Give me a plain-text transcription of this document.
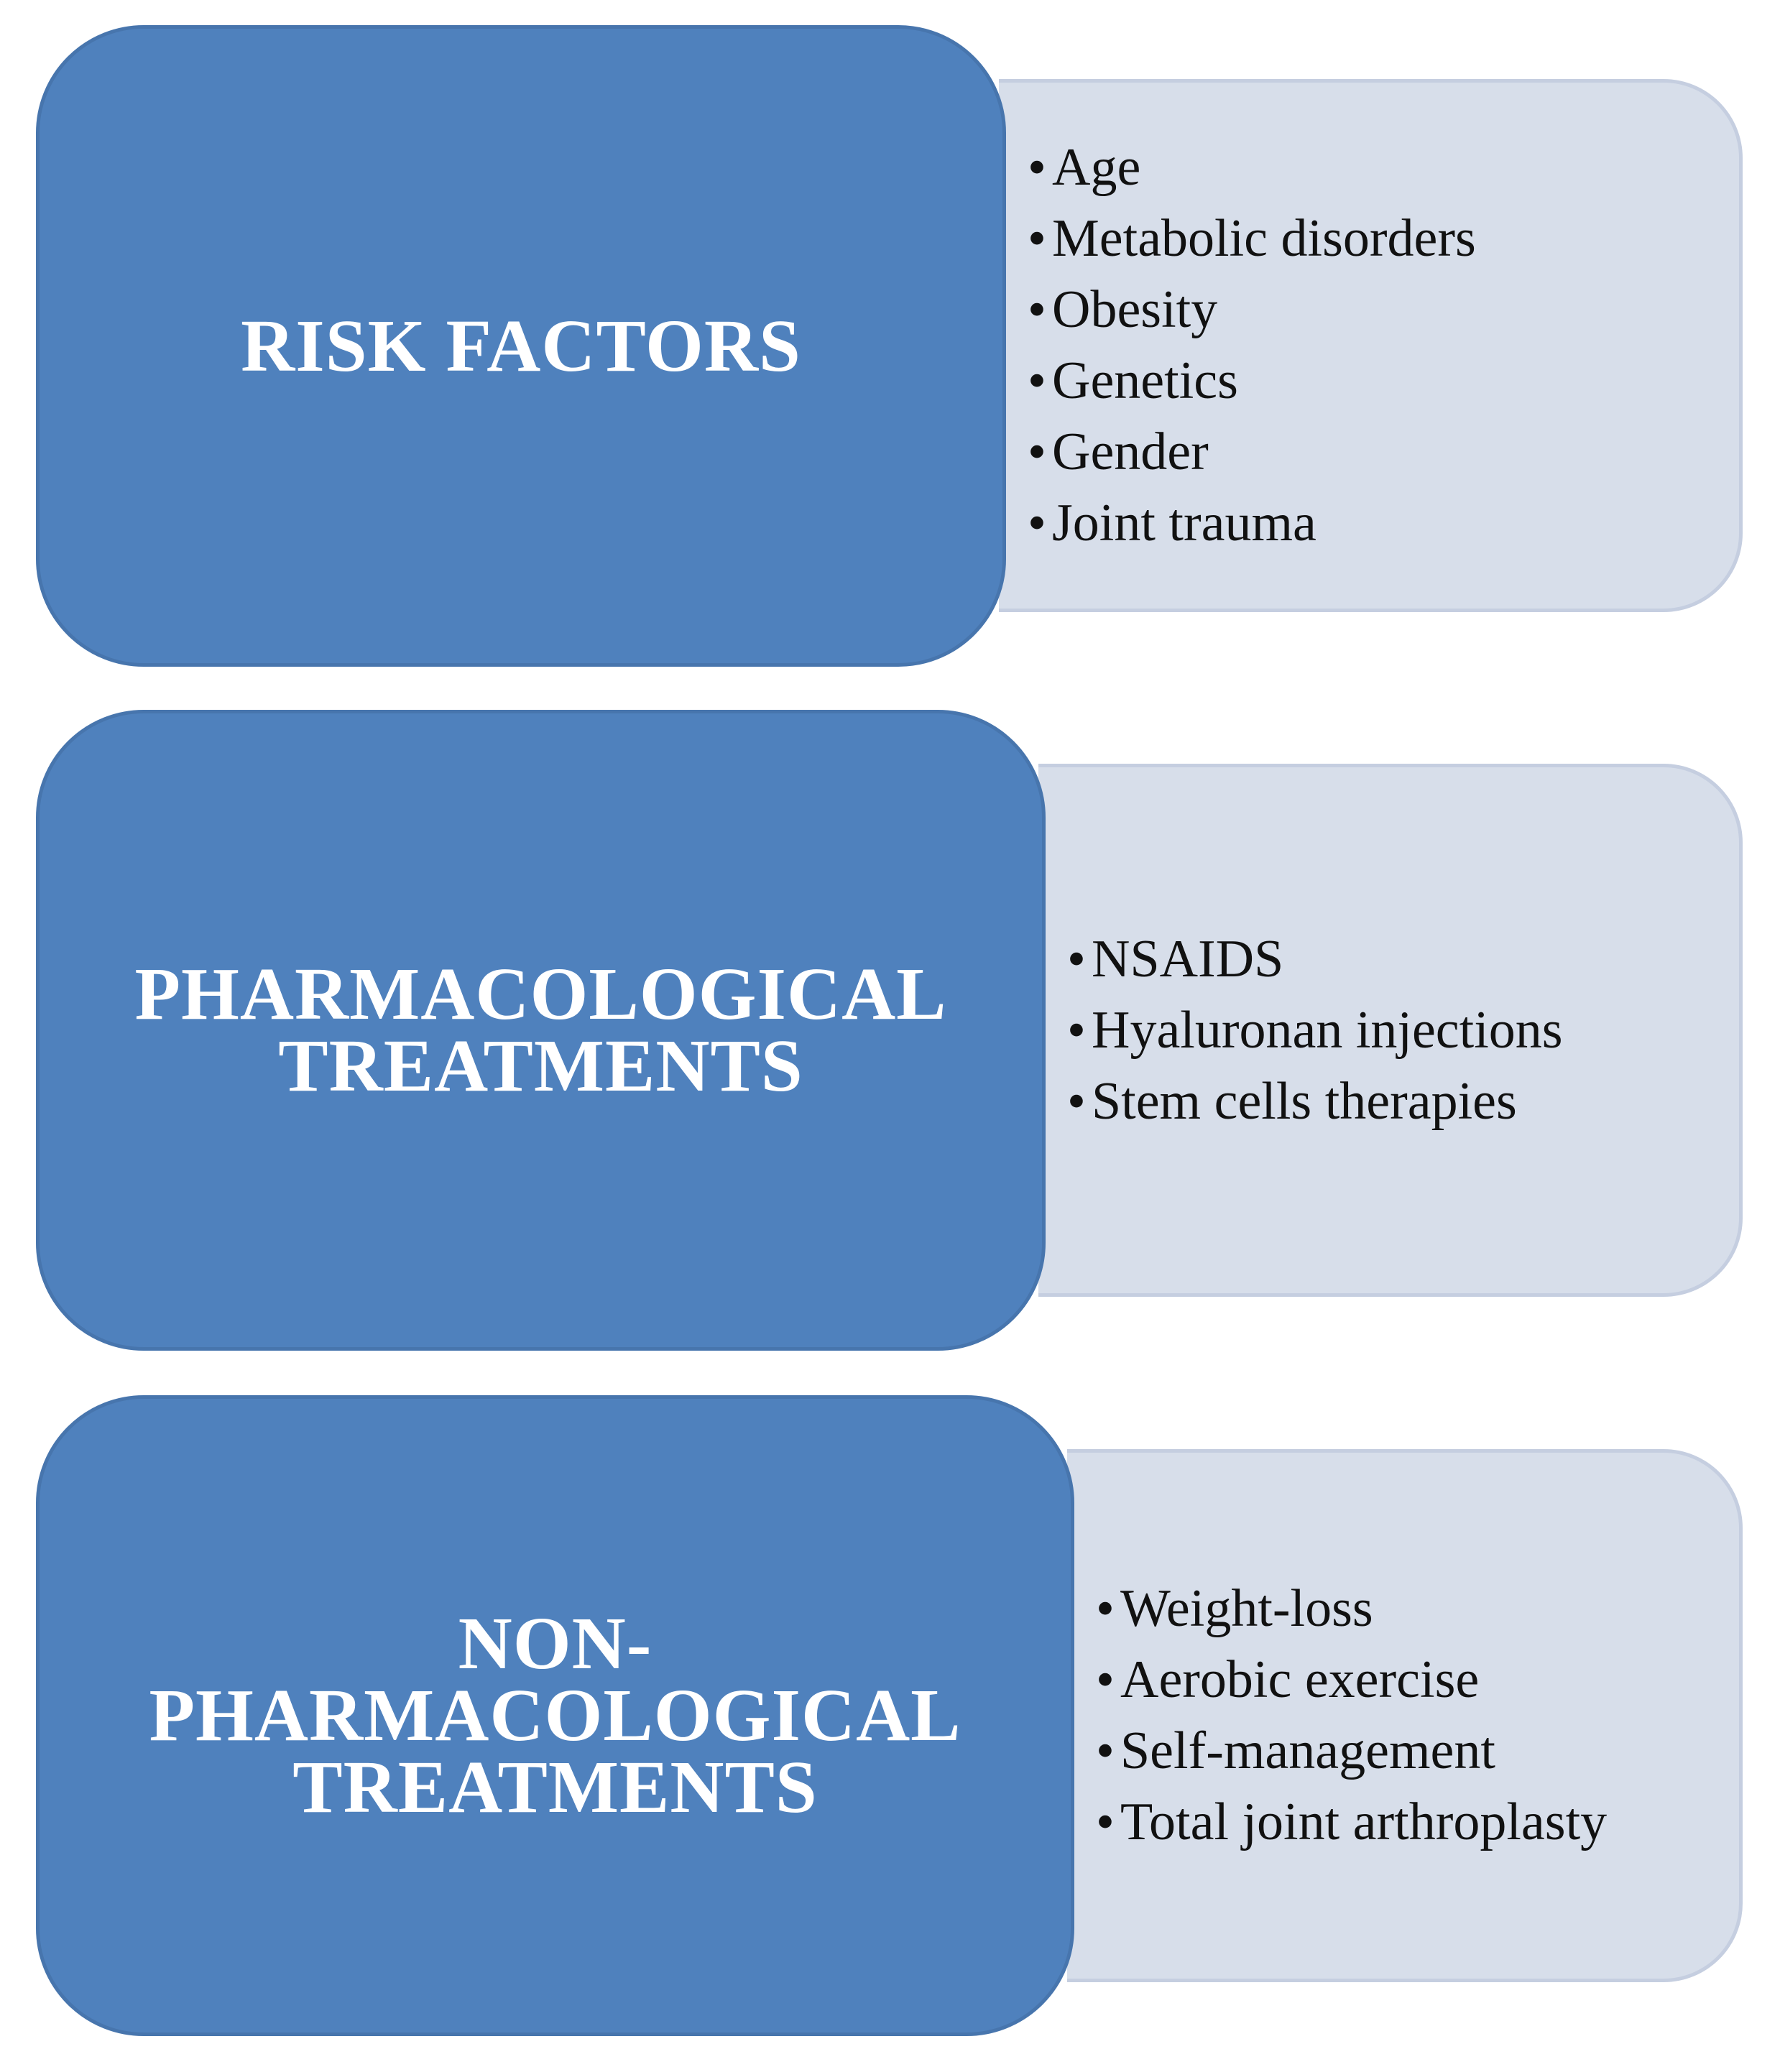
• Age
• Metabolic disorders
• Obesity
• Genetics
• Gender
• Joint trauma
RISK FACTORS
• NSAIDS
• Hyaluronan injections
• Stem cells therapies
PHARMACOLOGICAL
TREATMENTS
• Weight-loss
• Aerobic exercise
• Self-management
• Total joint arthroplasty
NON-
PHARMACOLOGICAL
TREATMENTS
